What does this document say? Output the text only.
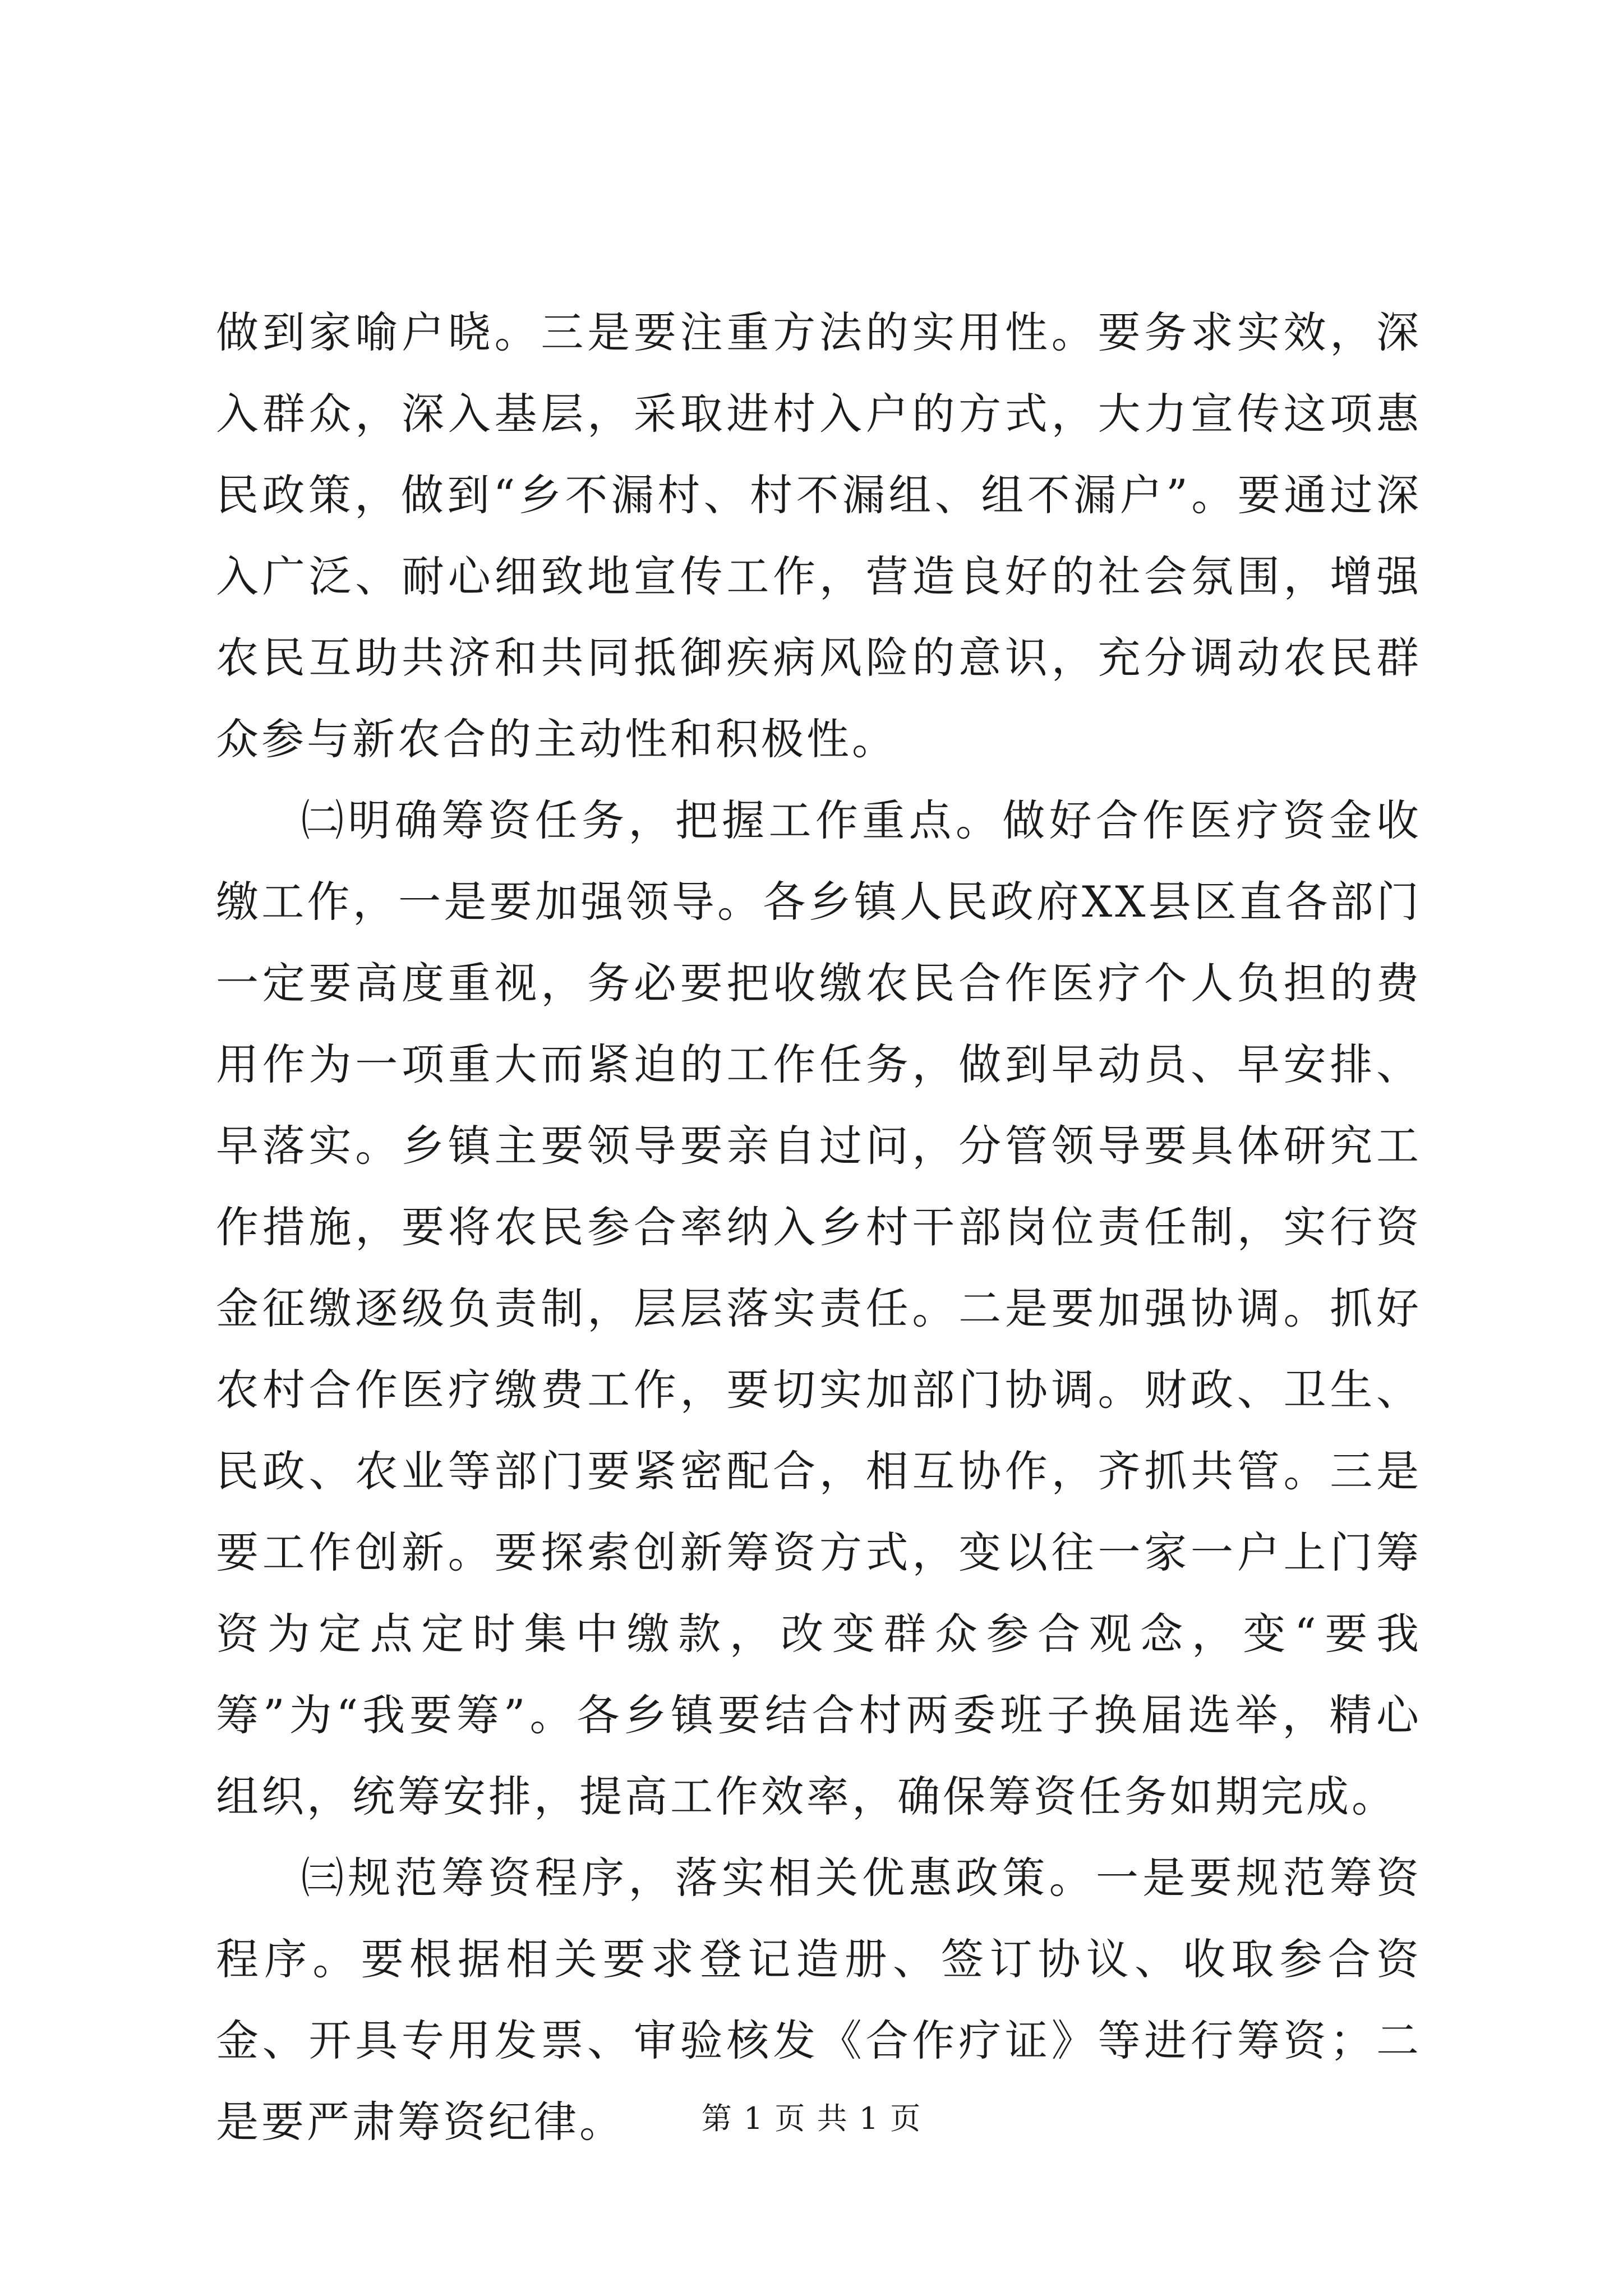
做到家喻户晓。三是要注重方法的实用性。要务求实效，深入群众，深入基层，采取进村入户的方式，大力宣传这项惠民政策，做到“乡不漏村、村不漏组、组不漏户”。要通过深入广泛、耐心细致地宣传工作，营造良好的社会氛围，增强农民互助共济和共同抵御疾病风险的意识，充分调动农民群众参与新农合的主动性和积极性。

㈡明确筹资任务，把握工作重点。做好合作医疗资金收缴工作，一是要加强领导。各乡镇人民政府XX县区直各部门一定要高度重视，务必要把收缴农民合作医疗个人负担的费用作为一项重大而紧迫的工作任务，做到早动员、早安排、早落实。乡镇主要领导要亲自过问，分管领导要具体研究工作措施，要将农民参合率纳入乡村干部岗位责任制，实行资金征缴逐级负责制，层层落实责任。二是要加强协调。抓好农村合作医疗缴费工作，要切实加部门协调。财政、卫生、民政、农业等部门要紧密配合，相互协作，齐抓共管。三是要工作创新。要探索创新筹资方式，变以往一家一户上门筹资为定点定时集中缴款，改变群众参合观念，变“要我筹”为“我要筹”。各乡镇要结合村两委班子换届选举，精心组织，统筹安排，提高工作效率，确保筹资任务如期完成。

㈢规范筹资程序，落实相关优惠政策。一是要规范筹资程序。要根据相关要求登记造册、签订协议、收取参合资金、开具专用发票、审验核发《合作疗证》等进行筹资；二是要严肃筹资纪律。	第 1 页 共 1 页
